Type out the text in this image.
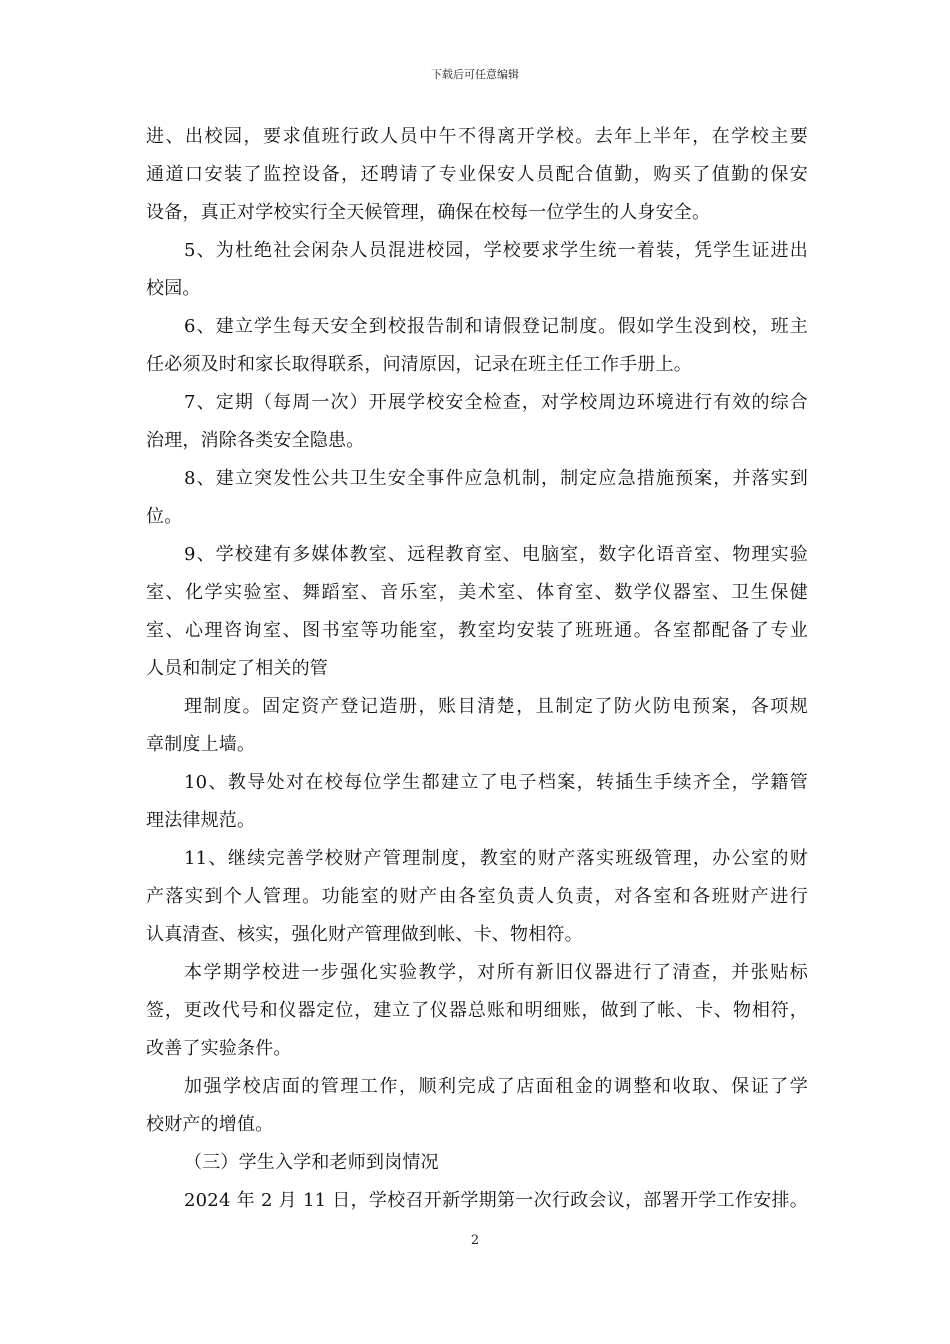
下载后可任意编辑
进、出校园，要求值班行政人员中午不得离开学校。去年上半年，在学校主要
通道口安装了监控设备，还聘请了专业保安人员配合值勤，购买了值勤的保安
设备，真正对学校实行全天候管理，确保在校每一位学生的人身安全。
5、为杜绝社会闲杂人员混进校园，学校要求学生统一着装，凭学生证进出
校园。
6、建立学生每天安全到校报告制和请假登记制度。假如学生没到校，班主
任必须及时和家长取得联系，问清原因，记录在班主任工作手册上。
7、定期（每周一次）开展学校安全检查，对学校周边环境进行有效的综合
治理，消除各类安全隐患。
8、建立突发性公共卫生安全事件应急机制，制定应急措施预案，并落实到
位。
9、学校建有多媒体教室、远程教育室、电脑室，数字化语音室、物理实验
室、化学实验室、舞蹈室、音乐室，美术室、体育室、数学仪器室、卫生保健
室、心理咨询室、图书室等功能室，教室均安装了班班通。各室都配备了专业
人员和制定了相关的管
理制度。固定资产登记造册，账目清楚，且制定了防火防电预案，各项规
章制度上墙。
10、教导处对在校每位学生都建立了电子档案，转插生手续齐全，学籍管
理法律规范。
11、继续完善学校财产管理制度，教室的财产落实班级管理，办公室的财
产落实到个人管理。功能室的财产由各室负责人负责，对各室和各班财产进行
认真清查、核实，强化财产管理做到帐、卡、物相符。
本学期学校进一步强化实验教学，对所有新旧仪器进行了清查，并张贴标
签，更改代号和仪器定位，建立了仪器总账和明细账，做到了帐、卡、物相符，
改善了实验条件。
加强学校店面的管理工作，顺利完成了店面租金的调整和收取、保证了学
校财产的增值。
（三）学生入学和老师到岗情况
2024 年 2 月 11 日，学校召开新学期第一次行政会议，部署开学工作安排。
2
